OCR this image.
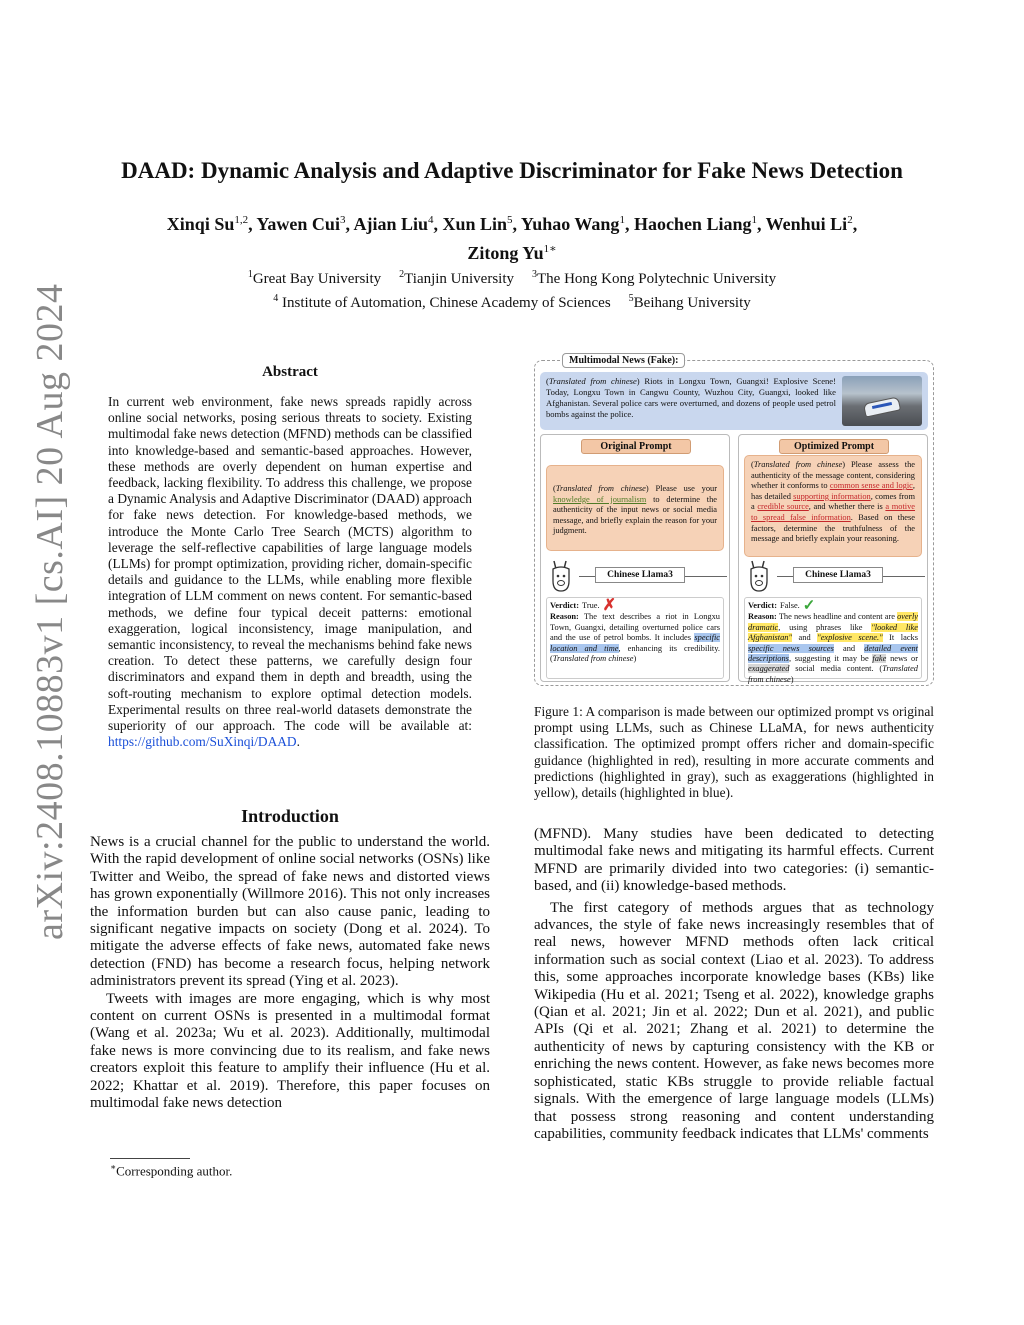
arXiv:2408.10883v1 [cs.AI] 20 Aug 2024
DAAD: Dynamic Analysis and Adaptive Discriminator for Fake News Detection
Xinqi Su$^{1,2}$, Yawen Cui$^3$, Ajian Liu$^4$, Xun Lin$^5$, Yuhao Wang$^1$, Haochen Liang$^1$, Wenhui Li$^2$,
Zitong $Yu^{1∗}$
$^1$Great Bay University $^2$Tianjin University $^3$The Hong Kong Polytechnic University
$^4$ Institute of Automation, Chinese Academy of Sciences $^5$Beihang University
Abstract
In current web environment, fake news spreads rapidly across online social networks, posing serious threats to society. Existing multimodal fake news detection (MFND) methods can be classified into knowledge-based and semantic-based approaches. However, these methods are overly dependent on human expertise and feedback, lacking flexibility. To address this challenge, we propose a Dynamic Analysis and Adaptive Discriminator (DAAD) approach for fake news detection. For knowledge-based methods, we introduce the Monte Carlo Tree Search (MCTS) algorithm to leverage the self-reflective capabilities of large language models (LLMs) for prompt optimization, providing richer, domain-specific details and guidance to the LLMs, while enabling more flexible integration of LLM comment on news content. For semantic-based methods, we define four typical deceit patterns: emotional exaggeration, logical inconsistency, image manipulation, and semantic inconsistency, to reveal the mechanisms behind fake news creation. To detect these patterns, we carefully design four discriminators and expand them in depth and breadth, using the soft-routing mechanism to explore optimal detection models. Experimental results on three real-world datasets demonstrate the superiority of our approach. The code will be available at: https://github.com/SuXinqi/DAAD.
Introduction

News is a crucial channel for the public to understand the world. With the rapid development of online social networks (OSNs) like Twitter and Weibo, the spread of fake news and distorted views has grown exponentially (Willmore 2016). This not only increases the information burden but can also cause panic, leading to significant negative impacts on society (Dong et al. 2024). To mitigate the adverse effects of fake news, automated fake news detection (FND) has become a research focus, helping network administrators prevent its spread (Ying et al. 2023).

Tweets with images are more engaging, which is why most content on current OSNs is presented in a multimodal format (Wang et al. 2023a; Wu et al. 2023). Additionally, multimodal fake news is more convincing due to its realism, and fake news creators exploit this feature to amplify their influence (Hu et al. 2022; Khattar et al. 2019). Therefore, this paper focuses on multimodal fake news detection

∗Corresponding author.
Multimodal News (Fake):
(Translated from chinese) Riots in Longxu Town, Guangxi! Explosive Scene! Today, Longxu Town in Cangwu County, Wuzhou City, Guangxi, looked like Afghanistan. Several police cars were overturned, and dozens of people used petrol bombs against the police.
Original Prompt
(Translated from chinese) Please use your knowledge of journalism to determine the authenticity of the input news or social media message, and briefly explain the reason for your judgment.
Chinese Llama3
Verdict: True. ✗
Reason: The text describes a riot in Longxu Town, Guangxi, detailing overturned police cars and the use of petrol bombs. It includes specific location and time, enhancing its credibility. (Translated from chinese)
Optimized Prompt
(Translated from chinese) Please assess the authenticity of the message content, considering whether it conforms to common sense and logic, has detailed supporting information, comes from a credible source, and whether there is a motive to spread false information. Based on these factors, determine the truthfulness of the message and briefly explain your reasoning.
Chinese Llama3
Verdict: False. ✓
Reason: The news headline and content are overly dramatic, using phrases like "looked like Afghanistan" and "explosive scene." It lacks specific news sources and detailed event descriptions, suggesting it may be fake news or exaggerated social media content. (Translated from chinese)
Figure 1: A comparison is made between our optimized prompt vs original prompt using LLMs, such as Chinese LLaMA, for news authenticity classification. The optimized prompt offers richer and domain-specific guidance (highlighted in red), resulting in more accurate comments and predictions (highlighted in gray), such as exaggerations (highlighted in yellow), details (highlighted in blue).

(MFND). Many studies have been dedicated to detecting multimodal fake news and mitigating its harmful effects. Current MFND are primarily divided into two categories: (i) semantic-based, and (ii) knowledge-based methods.

The first category of methods argues that as technology advances, the style of fake news increasingly resembles that of real news, however MFND methods often lack critical information such as social context (Liao et al. 2023). To address this, some approaches incorporate knowledge bases (KBs) like Wikipedia (Hu et al. 2021; Tseng et al. 2022), knowledge graphs (Qian et al. 2021; Jin et al. 2022; Dun et al. 2021), and public APIs (Qi et al. 2021; Zhang et al. 2021) to determine the authenticity of news by capturing consistency with the KB or enriching the news content. However, as fake news becomes more sophisticated, static KBs struggle to provide reliable factual signals. With the emergence of large language models (LLMs) that possess strong reasoning and content understanding capabilities, community feedback indicates that LLMs' comments
